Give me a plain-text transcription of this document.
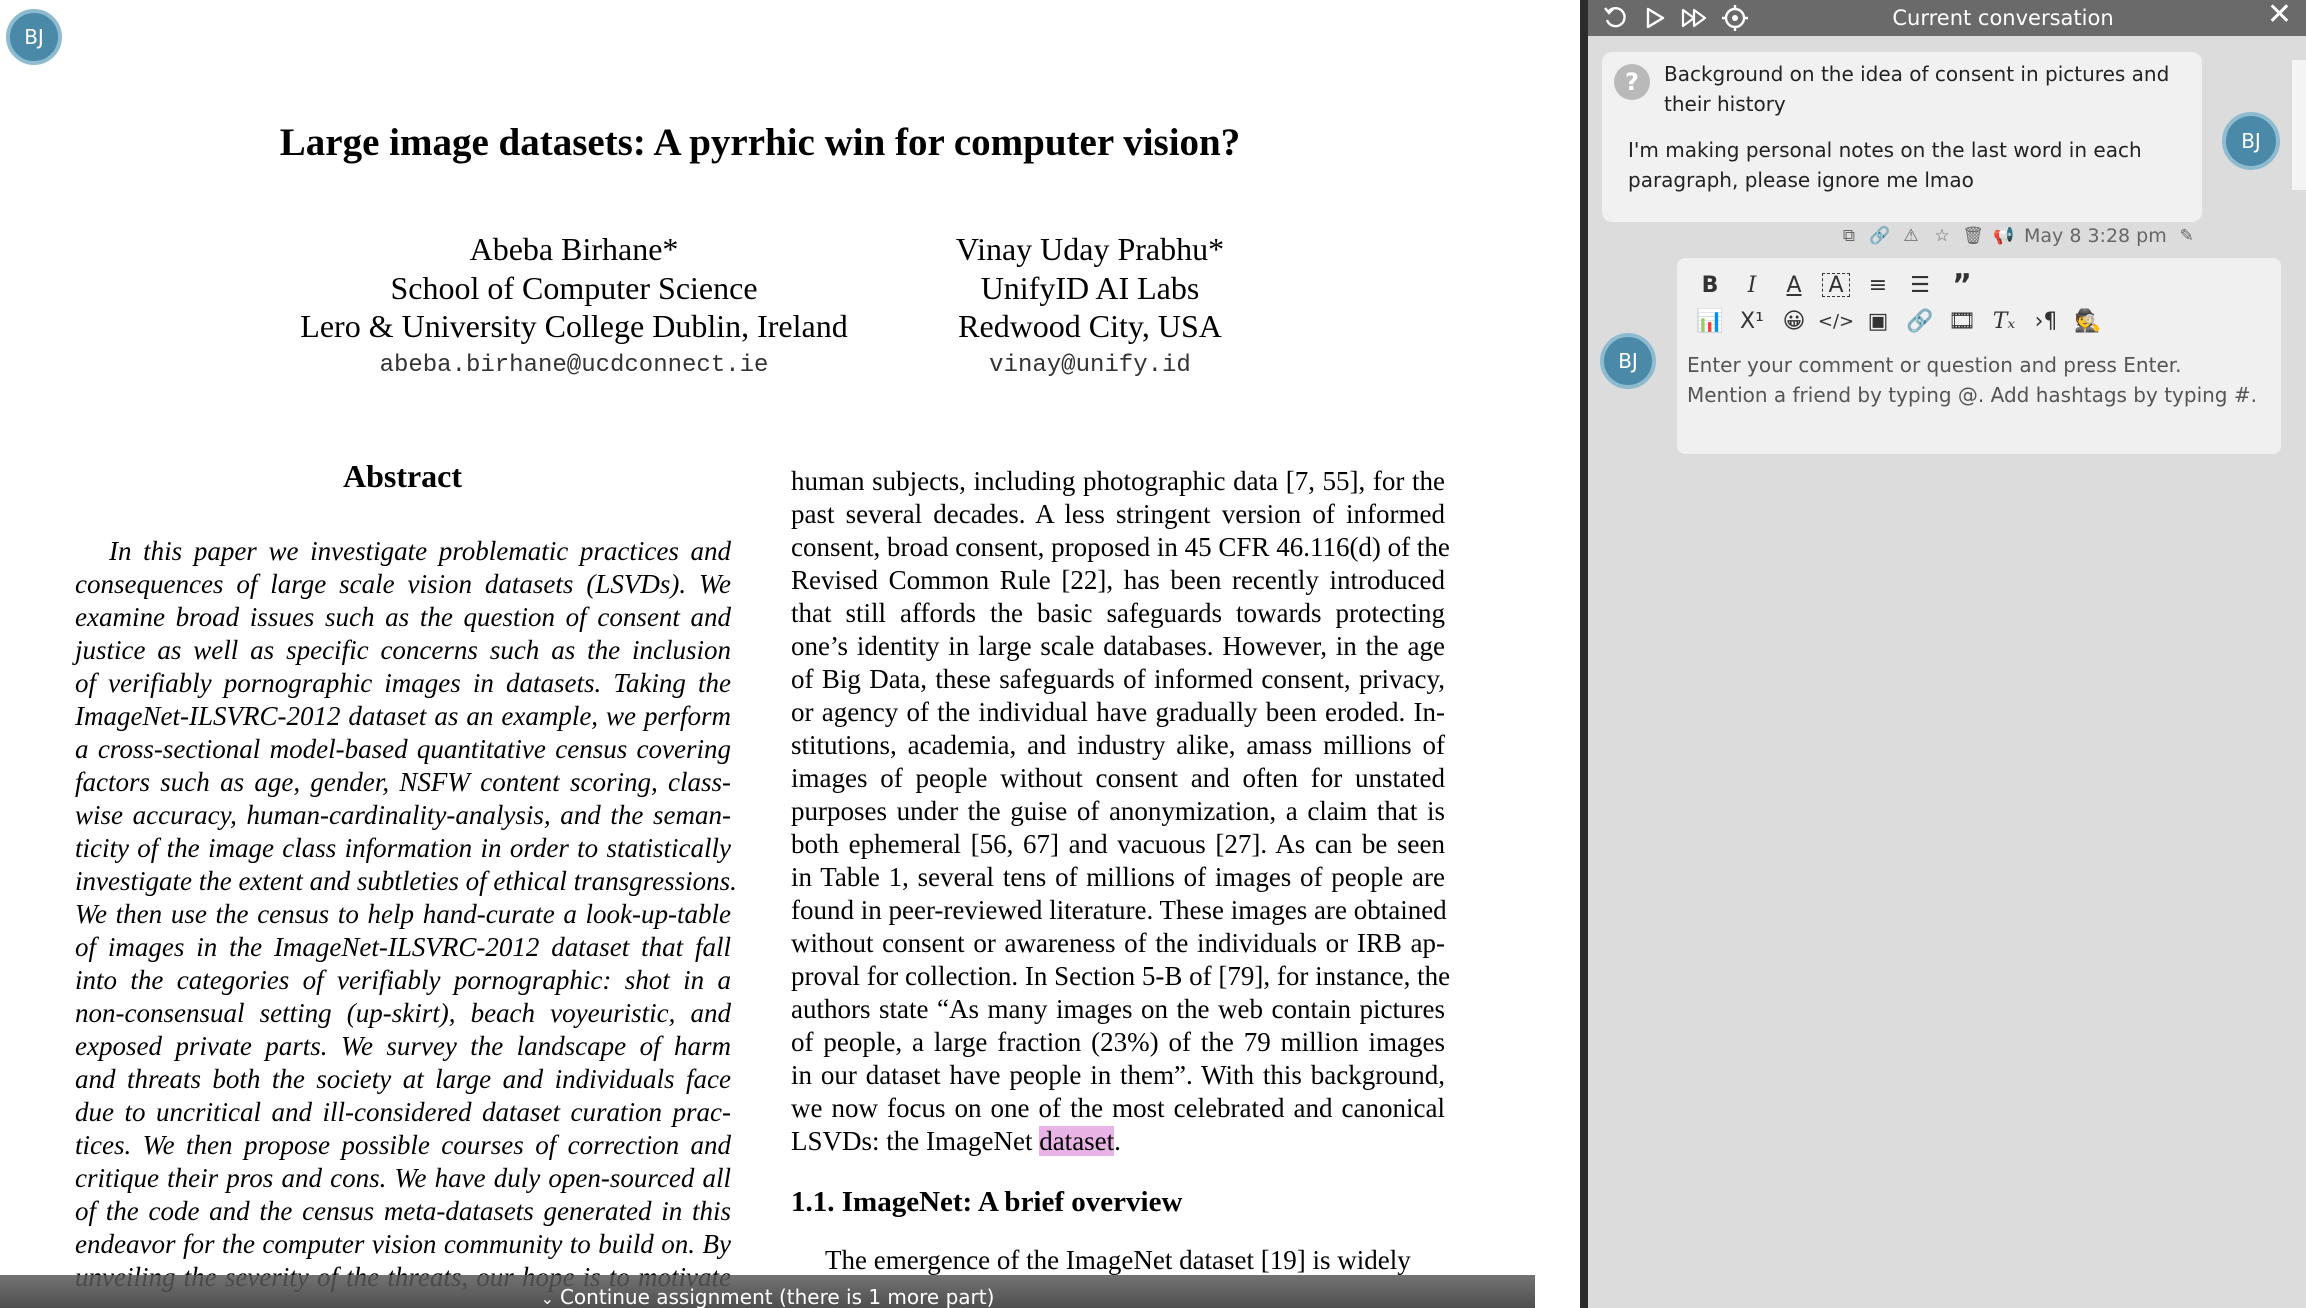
BJ
Large image datasets: A pyrrhic win for computer vision?
Abeba Birhane*
School of Computer Science
Lero & University College Dublin, Ireland
abeba.birhane@ucdconnect.ie
Vinay Uday Prabhu*
UnifyID AI Labs
Redwood City, USA
vinay@unify.id
Abstract
In this paper we investigate problematic practices and
consequences of large scale vision datasets (LSVDs). We
examine broad issues such as the question of consent and
justice as well as specific concerns such as the inclusion
of verifiably pornographic images in datasets. Taking the
ImageNet-ILSVRC-2012 dataset as an example, we perform
a cross-sectional model-based quantitative census covering
factors such as age, gender, NSFW content scoring, class-
wise accuracy, human-cardinality-analysis, and the seman-
ticity of the image class information in order to statistically
investigate the extent and subtleties of ethical transgressions.
We then use the census to help hand-curate a look-up-table
of images in the ImageNet-ILSVRC-2012 dataset that fall
into the categories of verifiably pornographic: shot in a
non-consensual setting (up-skirt), beach voyeuristic, and
exposed private parts. We survey the landscape of harm
and threats both the society at large and individuals face
due to uncritical and ill-considered dataset curation prac-
tices. We then propose possible courses of correction and
critique their pros and cons. We have duly open-sourced all
of the code and the census meta-datasets generated in this
endeavor for the computer vision community to build on. By
human subjects, including photographic data [7, 55], for the
past several decades. A less stringent version of informed
consent, broad consent, proposed in 45 CFR 46.116(d) of the
Revised Common Rule [22], has been recently introduced
that still affords the basic safeguards towards protecting
one’s identity in large scale databases. However, in the age
of Big Data, these safeguards of informed consent, privacy,
or agency of the individual have gradually been eroded. In-
stitutions, academia, and industry alike, amass millions of
images of people without consent and often for unstated
purposes under the guise of anonymization, a claim that is
both ephemeral [56, 67] and vacuous [27]. As can be seen
in Table 1, several tens of millions of images of people are
found in peer-reviewed literature. These images are obtained
without consent or awareness of the individuals or IRB ap-
proval for collection. In Section 5-B of [79], for instance, the
authors state “As many images on the web contain pictures
of people, a large fraction (23%) of the 79 million images
in our dataset have people in them”. With this background,
we now focus on one of the most celebrated and canonical
LSVDs: the ImageNet dataset.
1.1. ImageNet: A brief overview
The emergence of the ImageNet dataset [19] is widely
⌄ Continue assignment (there is 1 more part)
Current conversation	✕
?	Background on the idea of consent in pictures and their history
I'm making personal notes on the last word in each paragraph, please ignore me lmao
BJ
⧉ 🔗 ⚠ ☆ 🗑 📢 May 8 3:28 pm ✎
BJ
B	I	A	A	≡	☰ ”
📊 X¹ 😀 </> ▣ 🔗 🎞 Tₓ ›¶ 🕵
Enter your comment or question and press Enter.
Mention a friend by typing @. Add hashtags by typing #.
